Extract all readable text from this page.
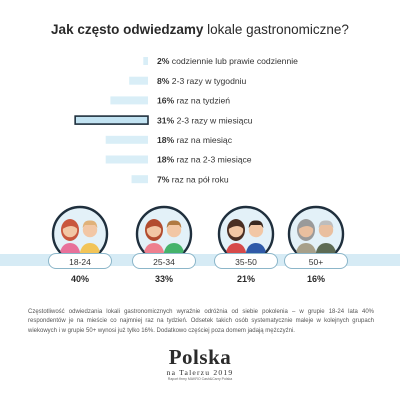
Jak często odwiedzamy lokale gastronomiczne?
2% codziennie lub prawie codziennie
8% 2-3 razy w tygodniu
16% raz na tydzień
31% 2-3 razy w miesiącu
18% raz na miesiąc
18% raz na 2-3 miesiące
7% raz na pół roku
18-24
40%
25-34
33%
35-50
21%
50+
16%
Częstotliwość odwiedzania lokali gastronomicznych wyraźnie odróżnia od siebie pokolenia – w grupie 18-24 lata 40% respondentów je na mieście co najmniej raz na tydzień. Odsetek takich osób systematycznie maleje w kolejnych grupach wiekowych i w grupie 50+ wynosi już tylko 16%. Dodatkowo częściej poza domem jadają mężczyźni.
Polska
na Talerzu 2019
Raport firmy MAKRO Cash&Carry Polska
